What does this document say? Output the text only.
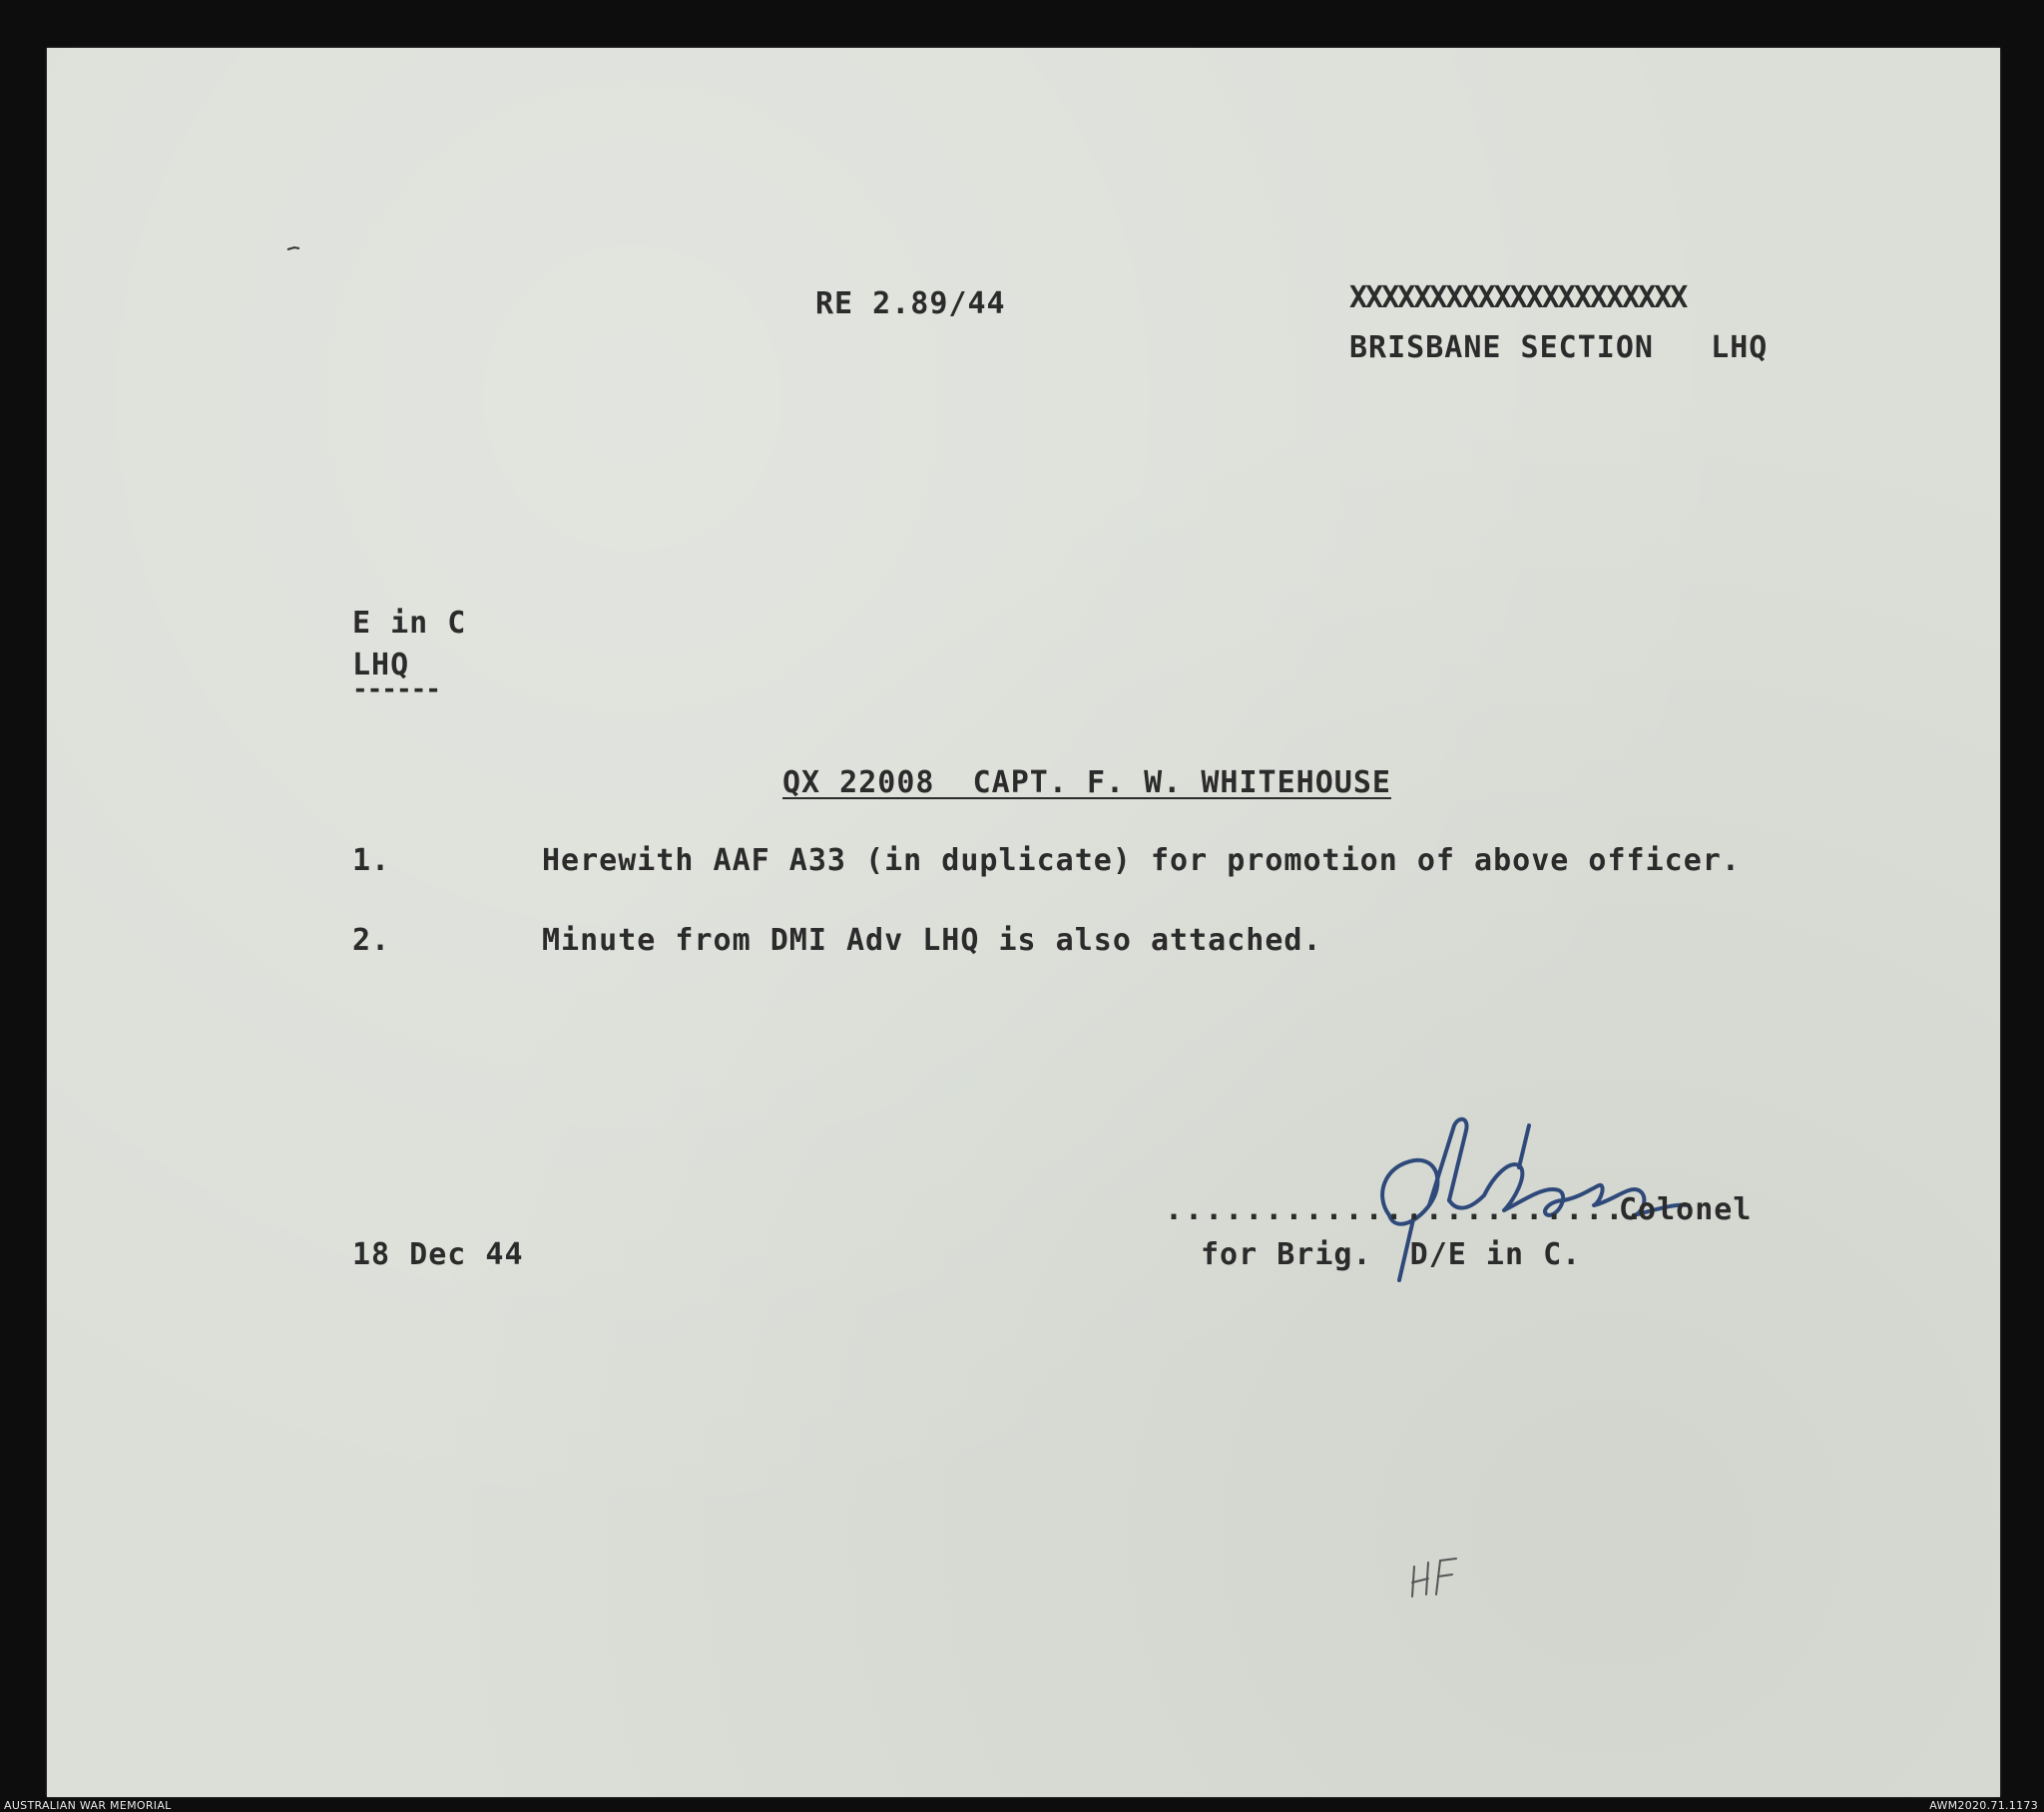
RE 2.89/44	XXXXXXXXXXXXXXXXXXXXX
BRISBANE SECTION   LHQ
E in C
LHQ
------
QX 22008  CAPT. F. W. WHITEHOUSE
1.	Herewith AAF A33 (in duplicate) for promotion of above officer.
2.	Minute from DMI Adv LHQ is also attached.
18 Dec 44
........................
Colonel
for Brig.  D/E in C.
AUSTRALIAN WAR MEMORIAL	AWM2020.71.1173
